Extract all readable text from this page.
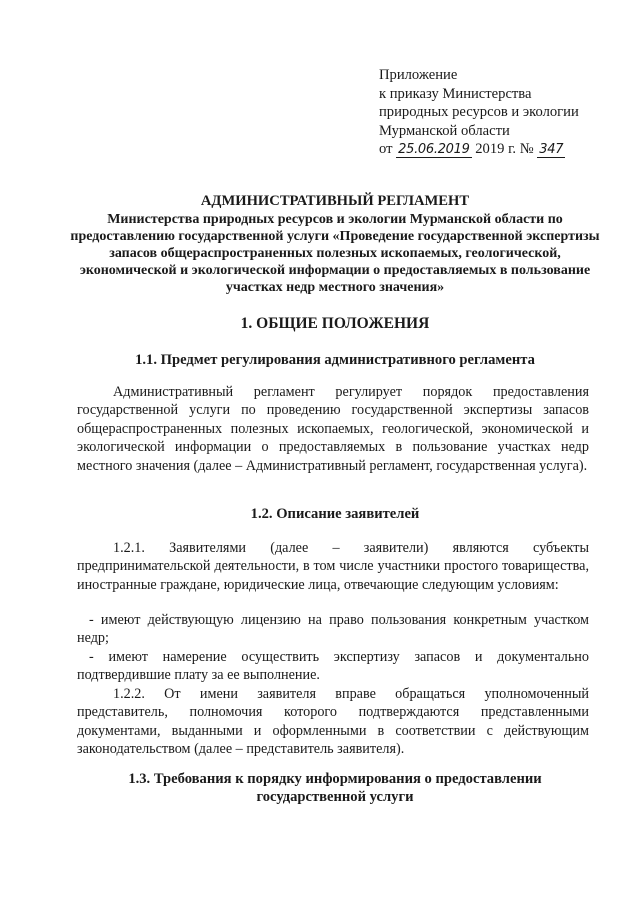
Приложение
к приказу Министерства
природных ресурсов и экологии
Мурманской области
от 25.06.2019 2019 г. № 347
АДМИНИСТРАТИВНЫЙ РЕГЛАМЕНТ
Министерства природных ресурсов и экологии Мурманской области по предоставлению государственной услуги «Проведение государственной экспертизы запасов общераспространенных полезных ископаемых, геологической, экономической и экологической информации о предоставляемых в пользование участках недр местного значения»
1. ОБЩИЕ ПОЛОЖЕНИЯ
1.1. Предмет регулирования административного регламента
Административный регламент регулирует порядок предоставления государственной услуги по проведению государственной экспертизы запасов общераспространенных полезных ископаемых, геологической, экономической и экологической информации о предоставляемых в пользование участках недр местного значения (далее – Административный регламент, государственная услуга).
1.2. Описание заявителей
1.2.1. Заявителями (далее – заявители) являются субъекты предпринимательской деятельности, в том числе участники простого товарищества, иностранные граждане, юридические лица, отвечающие следующим условиям:
- имеют действующую лицензию на право пользования конкретным участком недр;
- имеют намерение осуществить экспертизу запасов и документально подтвердившие плату за ее выполнение.
1.2.2. От имени заявителя вправе обращаться уполномоченный представитель, полномочия которого подтверждаются представленными документами, выданными и оформленными в соответствии с действующим законодательством (далее – представитель заявителя).
1.3. Требования к порядку информирования о предоставлении государственной услуги
